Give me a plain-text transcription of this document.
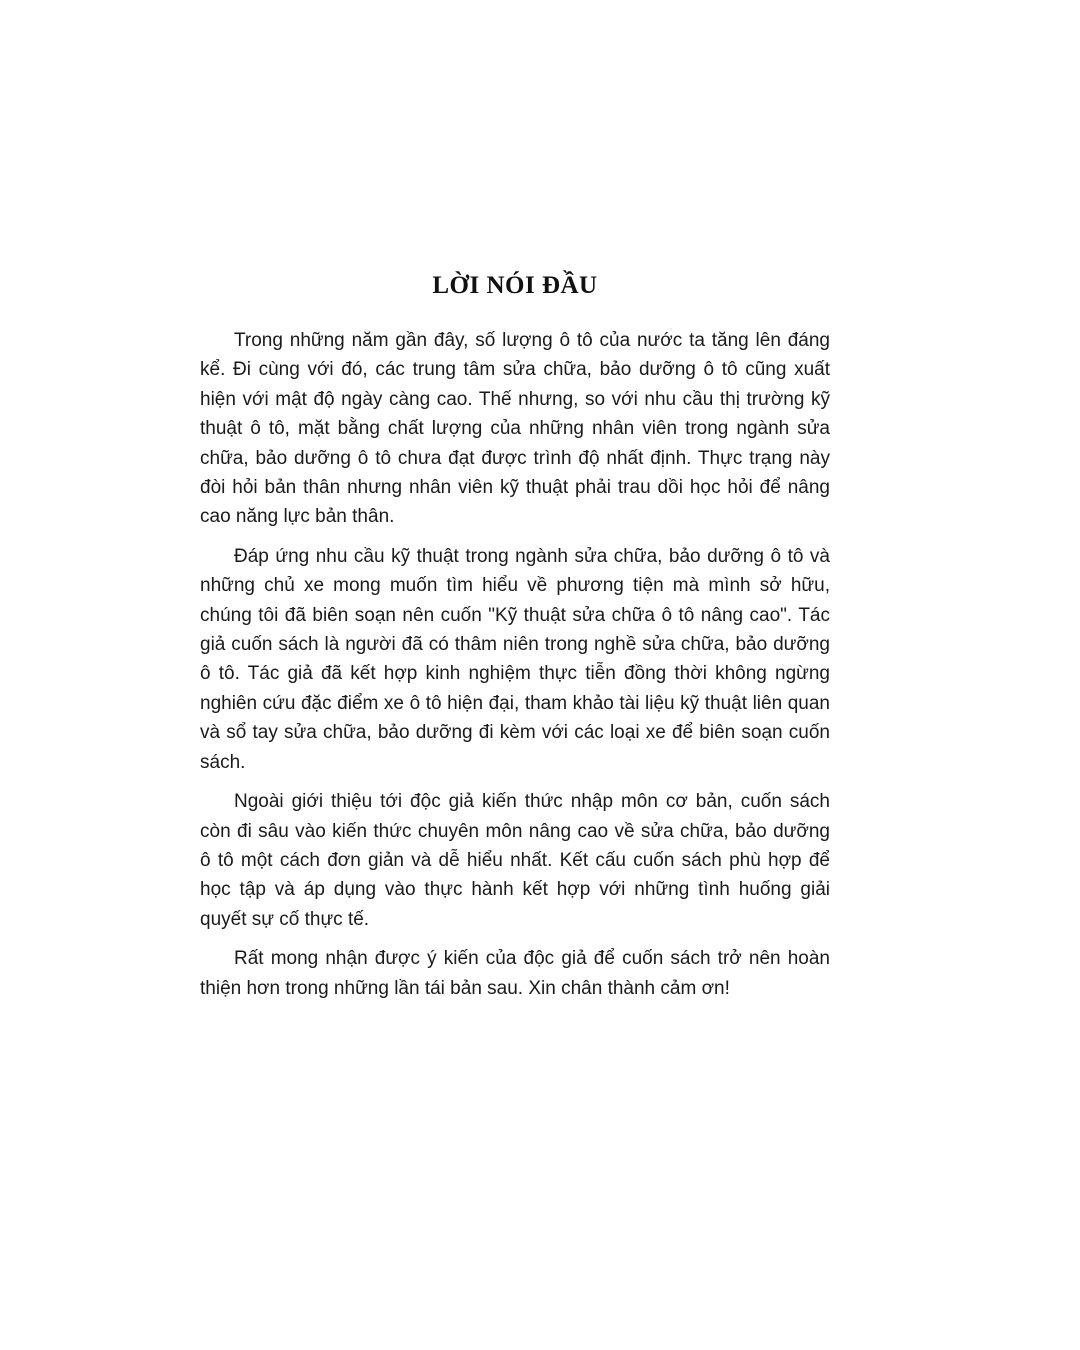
LỜI NÓI ĐẦU

Trong những năm gần đây, số lượng ô tô của nước ta tăng lên đáng kể. Đi cùng với đó, các trung tâm sửa chữa, bảo dưỡng ô tô cũng xuất hiện với mật độ ngày càng cao. Thế nhưng, so với nhu cầu thị trường kỹ thuật ô tô, mặt bằng chất lượng của những nhân viên trong ngành sửa chữa, bảo dưỡng ô tô chưa đạt được trình độ nhất định. Thực trạng này đòi hỏi bản thân nhưng nhân viên kỹ thuật phải trau dồi học hỏi để nâng cao năng lực bản thân.

Đáp ứng nhu cầu kỹ thuật trong ngành sửa chữa, bảo dưỡng ô tô và những chủ xe mong muốn tìm hiểu về phương tiện mà mình sở hữu, chúng tôi đã biên soạn nên cuốn "Kỹ thuật sửa chữa ô tô nâng cao". Tác giả cuốn sách là người đã có thâm niên trong nghề sửa chữa, bảo dưỡng ô tô. Tác giả đã kết hợp kinh nghiệm thực tiễn đồng thời không ngừng nghiên cứu đặc điểm xe ô tô hiện đại, tham khảo tài liệu kỹ thuật liên quan và sổ tay sửa chữa, bảo dưỡng đi kèm với các loại xe để biên soạn cuốn sách.

Ngoài giới thiệu tới độc giả kiến thức nhập môn cơ bản, cuốn sách còn đi sâu vào kiến thức chuyên môn nâng cao về sửa chữa, bảo dưỡng ô tô một cách đơn giản và dễ hiểu nhất. Kết cấu cuốn sách phù hợp để học tập và áp dụng vào thực hành kết hợp với những tình huống giải quyết sự cố thực tế.

Rất mong nhận được ý kiến của độc giả để cuốn sách trở nên hoàn thiện hơn trong những lần tái bản sau. Xin chân thành cảm ơn!
